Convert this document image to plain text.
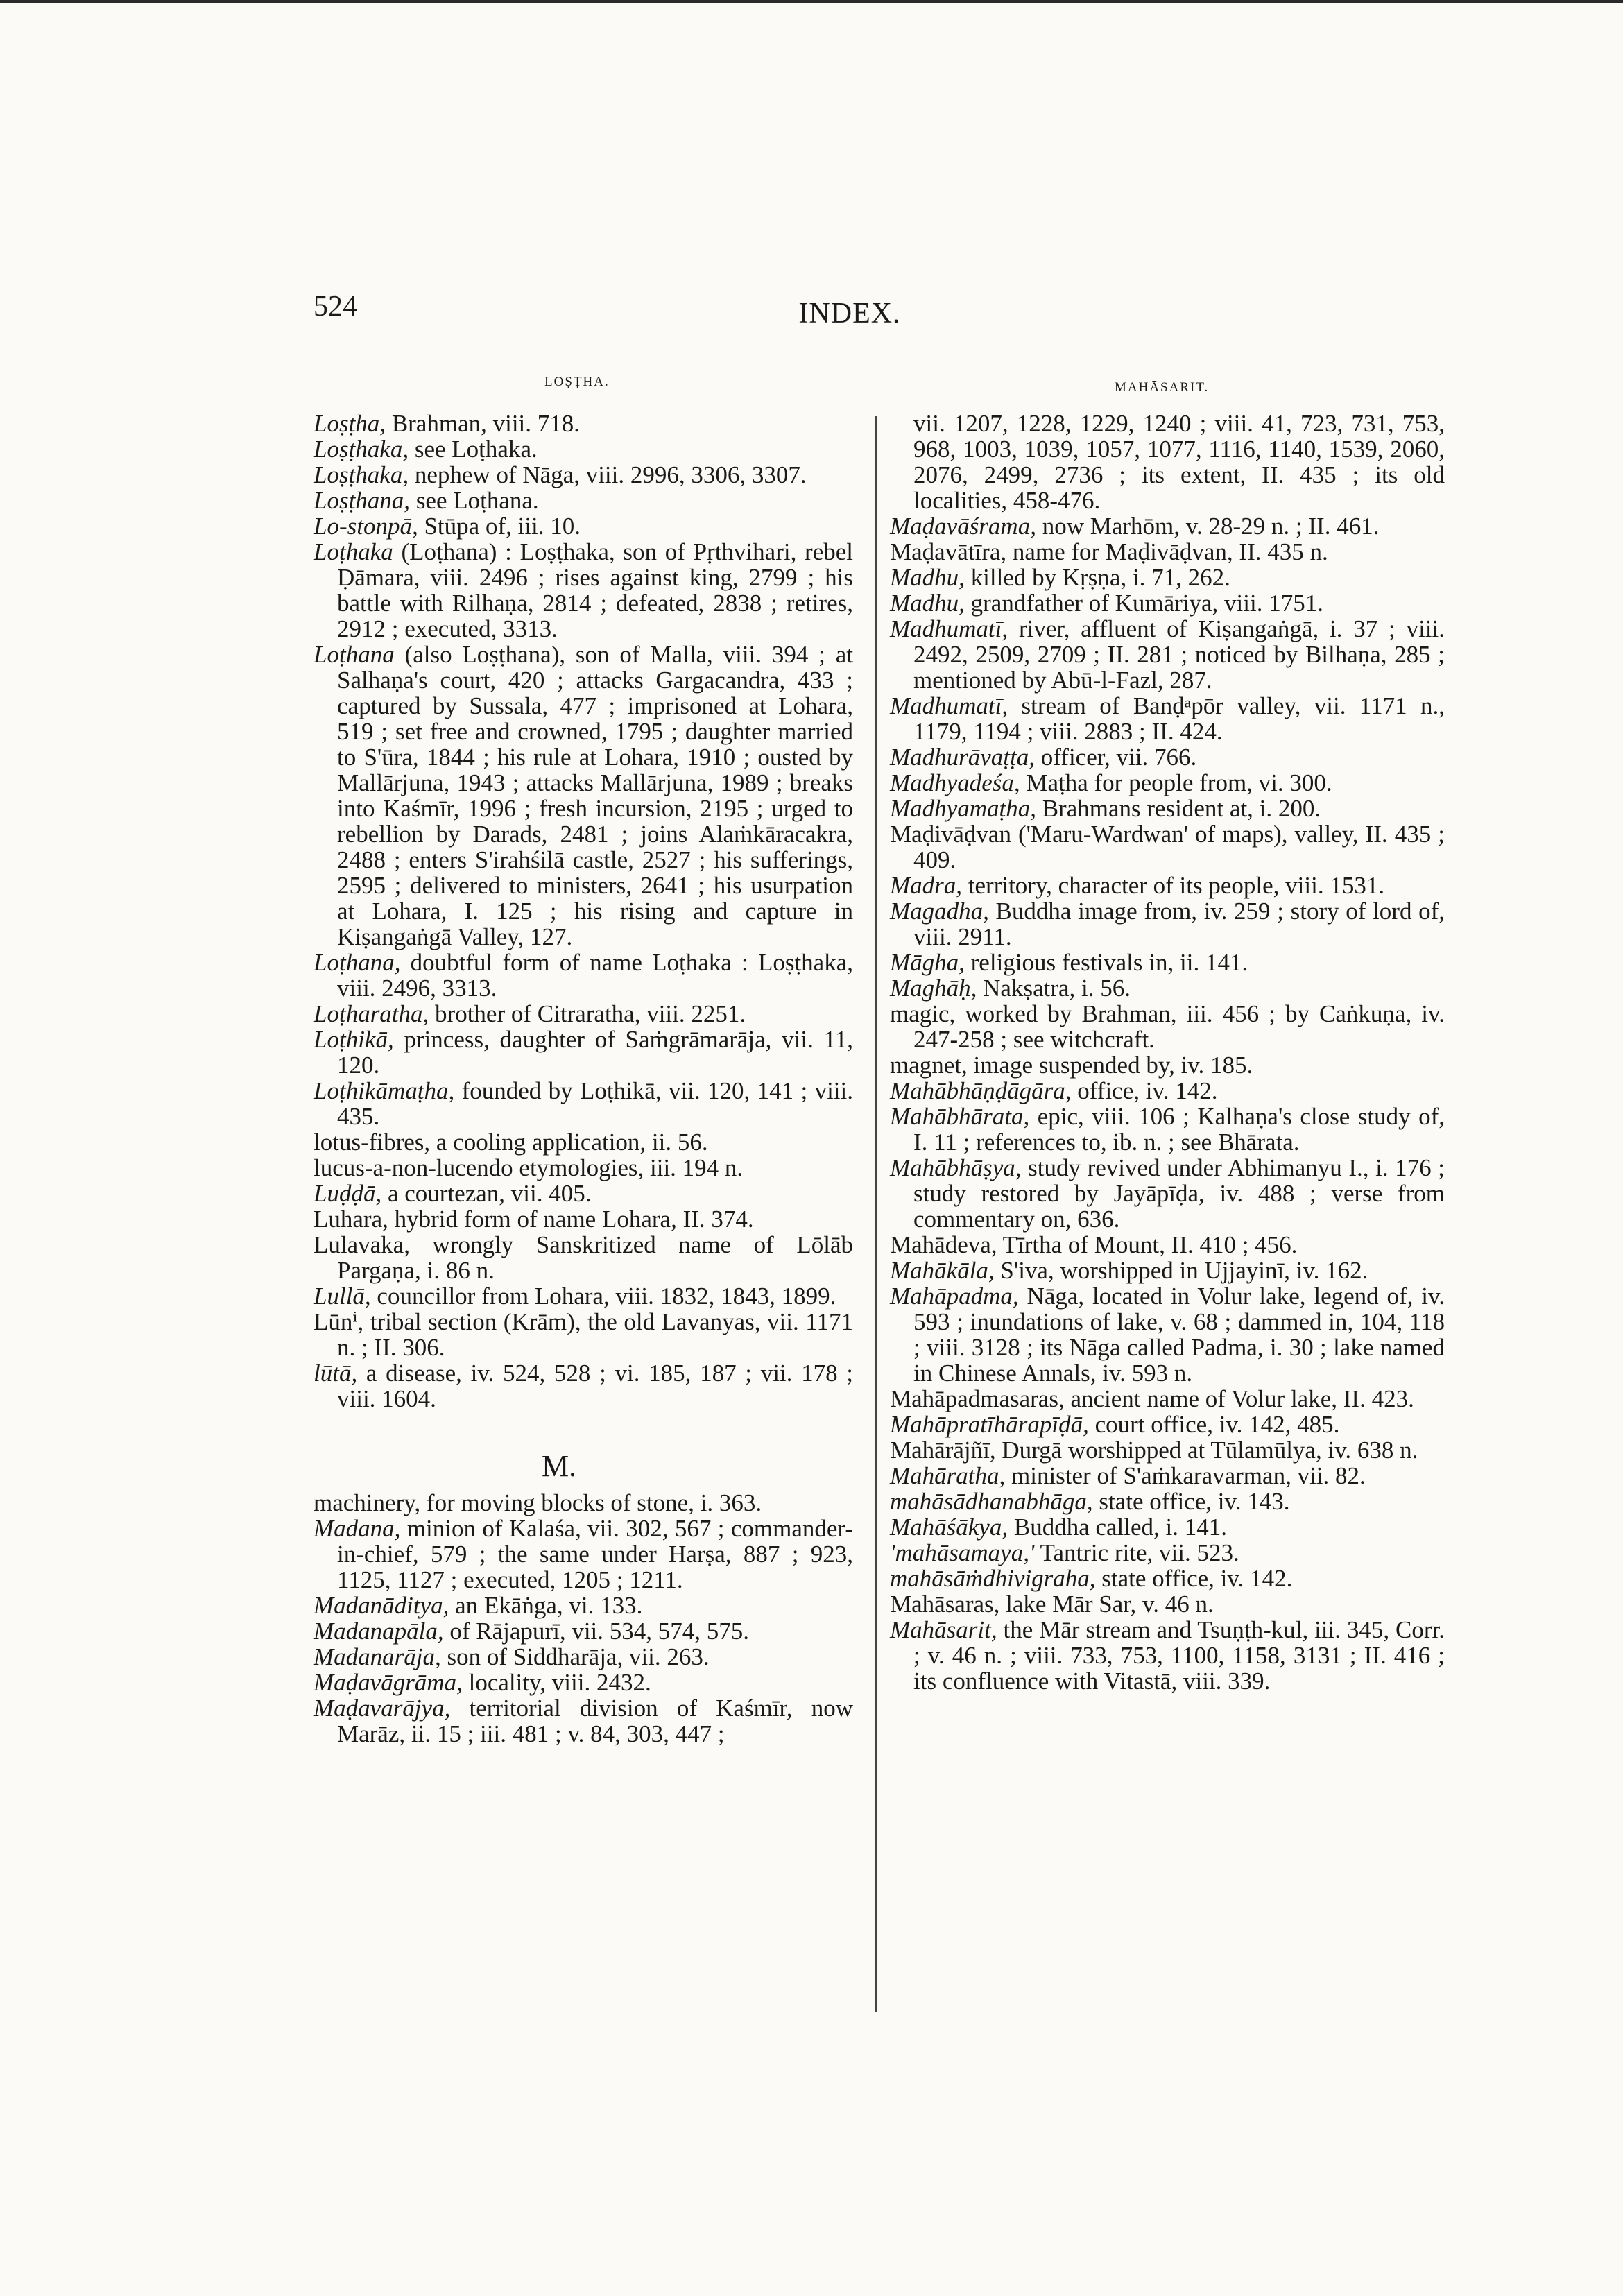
524	INDEX.
LOṢṬHA.	MAHĀSARIT.

Loṣṭha, Brahman, viii. 718.

Loṣṭhaka, see Loṭhaka.

Loṣṭhaka, nephew of Nāga, viii. 2996, 3306, 3307.

Loṣṭhana, see Loṭhana.

Lo-stonpā, Stūpa of, iii. 10.

Loṭhaka (Loṭhana) : Loṣṭhaka, son of Pṛthvihari, rebel Ḍāmara, viii. 2496 ; rises against king, 2799 ; his battle with Rilhaṇa, 2814 ; defeated, 2838 ; retires, 2912 ; executed, 3313.

Loṭhana (also Loṣṭhana), son of Malla, viii. 394 ; at Salhaṇa's court, 420 ; attacks Gargacandra, 433 ; captured by Sussala, 477 ; imprisoned at Lohara, 519 ; set free and crowned, 1795 ; daughter married to S'ūra, 1844 ; his rule at Lohara, 1910 ; ousted by Mallārjuna, 1943 ; attacks Mallārjuna, 1989 ; breaks into Kaśmīr, 1996 ; fresh incursion, 2195 ; urged to rebellion by Darads, 2481 ; joins Alaṁkāracakra, 2488 ; enters S'irahśilā castle, 2527 ; his sufferings, 2595 ; delivered to ministers, 2641 ; his usurpation at Lohara, I. 125 ; his rising and capture in Kiṣangaṅgā Valley, 127.

Loṭhana, doubtful form of name Loṭhaka : Loṣṭhaka, viii. 2496, 3313.

Loṭharatha, brother of Citraratha, viii. 2251.

Loṭhikā, princess, daughter of Saṁgrāmarāja, vii. 11, 120.

Loṭhikāmaṭha, founded by Loṭhikā, vii. 120, 141 ; viii. 435.

lotus-fibres, a cooling application, ii. 56.

lucus-a-non-lucendo etymologies, iii. 194 n.

Luḍḍā, a courtezan, vii. 405.

Luhara, hybrid form of name Lohara, II. 374.

Lulavaka, wrongly Sanskritized name of Lōlāb Pargaṇa, i. 86 n.

Lullā, councillor from Lohara, viii. 1832, 1843, 1899.

Lūnⁱ, tribal section (Krām), the old Lavanyas, vii. 1171 n. ; II. 306.

lūtā, a disease, iv. 524, 528 ; vi. 185, 187 ; vii. 178 ; viii. 1604.

M.

machinery, for moving blocks of stone, i. 363.

Madana, minion of Kalaśa, vii. 302, 567 ; commander-in-chief, 579 ; the same under Harṣa, 887 ; 923, 1125, 1127 ; executed, 1205 ; 1211.

Madanāditya, an Ekāṅga, vi. 133.

Madanapāla, of Rājapurī, vii. 534, 574, 575.

Madanarāja, son of Siddharāja, vii. 263.

Maḍavāgrāma, locality, viii. 2432.

Maḍavarājya, territorial division of Kaśmīr, now Marāz, ii. 15 ; iii. 481 ; v. 84, 303, 447 ;

vii. 1207, 1228, 1229, 1240 ; viii. 41, 723, 731, 753, 968, 1003, 1039, 1057, 1077, 1116, 1140, 1539, 2060, 2076, 2499, 2736 ; its extent, II. 435 ; its old localities, 458-476.

Maḍavāśrama, now Marhōm, v. 28-29 n. ; II. 461.

Maḍavātīra, name for Maḍivāḍvan, II. 435 n.

Madhu, killed by Kṛṣṇa, i. 71, 262.

Madhu, grandfather of Kumāriya, viii. 1751.

Madhumatī, river, affluent of Kiṣangaṅgā, i. 37 ; viii. 2492, 2509, 2709 ; II. 281 ; noticed by Bilhaṇa, 285 ; mentioned by Abū-l-Fazl, 287.

Madhumatī, stream of Banḍᵃpōr valley, vii. 1171 n., 1179, 1194 ; viii. 2883 ; II. 424.

Madhurāvaṭṭa, officer, vii. 766.

Madhyadeśa, Maṭha for people from, vi. 300.

Madhyamaṭha, Brahmans resident at, i. 200.

Maḍivāḍvan ('Maru-Wardwan' of maps), valley, II. 435 ; 409.

Madra, territory, character of its people, viii. 1531.

Magadha, Buddha image from, iv. 259 ; story of lord of, viii. 2911.

Māgha, religious festivals in, ii. 141.

Maghāḥ, Nakṣatra, i. 56.

magic, worked by Brahman, iii. 456 ; by Caṅkuṇa, iv. 247-258 ; see witchcraft.

magnet, image suspended by, iv. 185.

Mahābhāṇḍāgāra, office, iv. 142.

Mahābhārata, epic, viii. 106 ; Kalhaṇa's close study of, I. 11 ; references to, ib. n. ; see Bhārata.

Mahābhāṣya, study revived under Abhimanyu I., i. 176 ; study restored by Jayāpīḍa, iv. 488 ; verse from commentary on, 636.

Mahādeva, Tīrtha of Mount, II. 410 ; 456.

Mahākāla, S'iva, worshipped in Ujjayinī, iv. 162.

Mahāpadma, Nāga, located in Volur lake, legend of, iv. 593 ; inundations of lake, v. 68 ; dammed in, 104, 118 ; viii. 3128 ; its Nāga called Padma, i. 30 ; lake named in Chinese Annals, iv. 593 n.

Mahāpadmasaras, ancient name of Volur lake, II. 423.

Mahāpratīhārapīḍā, court office, iv. 142, 485.

Mahārājñī, Durgā worshipped at Tūlamūlya, iv. 638 n.

Mahāratha, minister of S'aṁkaravarman, vii. 82.

mahāsādhanabhāga, state office, iv. 143.

Mahāśākya, Buddha called, i. 141.

'mahāsamaya,' Tantric rite, vii. 523.

mahāsāṁdhivigraha, state office, iv. 142.

Mahāsaras, lake Mār Sar, v. 46 n.

Mahāsarit, the Mār stream and Tsuṇṭh-kul, iii. 345, Corr. ; v. 46 n. ; viii. 733, 753, 1100, 1158, 3131 ; II. 416 ; its confluence with Vitastā, viii. 339.
